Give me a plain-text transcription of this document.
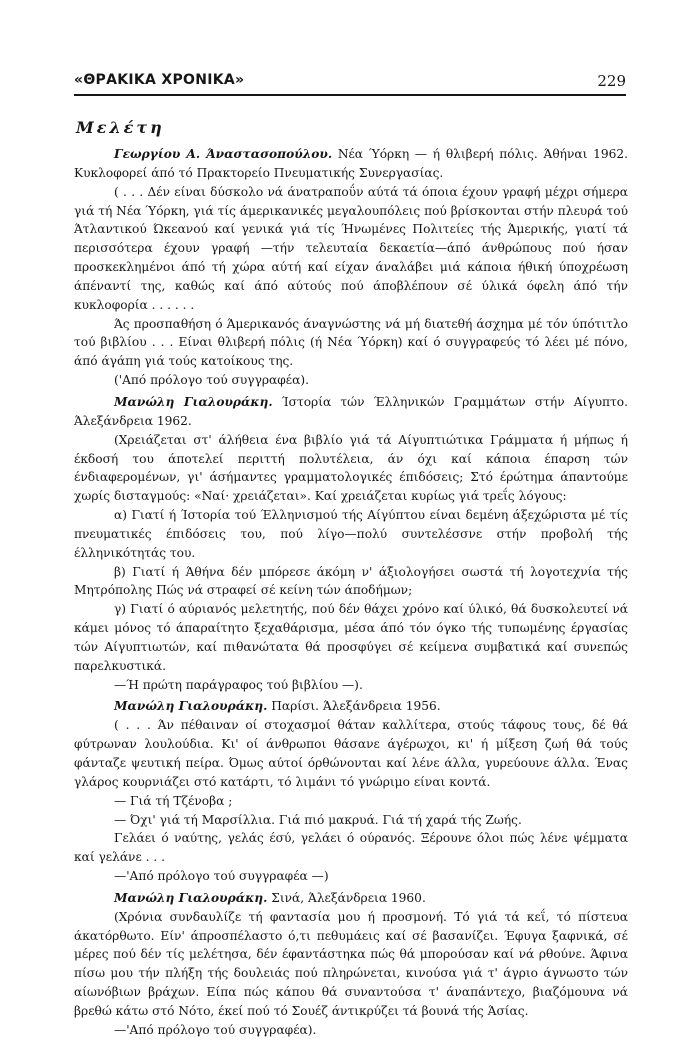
«ΘΡΑΚΙΚΑ ΧΡΟΝΙΚΑ»	229
Μελέτη

Γεωργίου Α. Άναστασοπούλου. Νέα Ύόρκη — ή θλιβερή πόλις. Άθήναι 1962. Κυκλοφορεί άπό τό Πρακτορείο Πνευματικής Συνεργασίας.

( . . . Δέν είναι δύσκολο νά άνατραποΰν αύτά τά όποια έχουν γραφή μέχρι σήμερα γιά τή Νέα Ύόρκη, γιά τίς άμερικανικές μεγαλουπόλεις πού βρίσκονται στήν πλευρά τού Άτλαντικού Ώκεανού καί γενικά γιά τίς Ήνωμένες Πολιτείες τής Άμερικής, γιατί τά περισσότερα έχουν γραφή —τήν τελευταία δεκαετία—άπό άνθρώπους πού ήσαν προσκεκλημένοι άπό τή χώρα αύτή καί είχαν άναλάβει μιά κάποια ήθική ύποχρέωση άπέναντί της, καθώς καί άπό αύτούς πού άποβλέπουν σέ ύλικά όφελη άπό τήν κυκλοφορία . . . . . .

Άς προσπαθήση ό Άμερικανός άναγνώστης νά μή διατεθή άσχημα μέ τόν ύπότιτλο τού βιβλίου . . . Είναι θλιβερή πόλις (ή Νέα Ύόρκη) καί ό συγγραφεύς τό λέει μέ πόνο, άπό άγάπη γιά τούς κατοίκους της.

('Από πρόλογο τού συγγραφέα).

Μανώλη Γιαλουράκη. Ίστορία τών Έλληνικών Γραμμάτων στήν Αίγυπτο. Άλεξάνδρεια 1962.

(Χρειάζεται στ' άλήθεια ένα βιβλίο γιά τά Αίγυπτιώτικα Γράμματα ή μήπως ή έκδοσή του άποτελεί περιττή πολυτέλεια, άν όχι καί κάποια έπαρση τών ένδιαφερομένων, γι' άσήμαντες γραμματολογικές έπιδόσεις; Στό έρώτημα άπαντούμε χωρίς δισταγμούς: «Ναί· χρειάζεται». Καί χρειάζεται κυρίως γιά τρεΐς λόγους:

α) Γιατί ή Ίστορία τού Έλληνισμού τής Αίγύπτου είναι δεμένη άξεχώριστα μέ τίς πνευματικές έπιδόσεις του, πού λίγο—πολύ συντελέσσνε στήν προβολή τής έλληνικότητάς του.

β) Γιατί ή Άθήνα δέν μπόρεσε άκόμη ν' άξιολογήσει σωστά τή λογοτεχνία τής Μητρόπολης Πώς νά στραφεί σέ κείνη τών άποδήμων;

γ) Γιατί ό αύριανός μελετητής, πού δέν θάχει χρόνο καί ύλικό, θά δυσκολευτεί νά κάμει μόνος τό άπαραίτητο ξεχαθάρισμα, μέσα άπό τόν όγκο τής τυπωμένης έργασίας τών Αίγυπτιωτών, καί πιθανώτατα θά προσφύγει σέ κείμενα συμβατικά καί συνεπώς παρελκυστικά.

—Ή πρώτη παράγραφος τού βιβλίου —).

Μανώλη Γιαλουράκη. Παρίσι. Άλεξάνδρεια 1956.

( . . . Άν πέθαιναν οί στοχασμοί θάταν καλλίτερα, στούς τάφους τους, δέ θά φύτρωναν λουλούδια. Κι' οί άνθρωποι θάσανε άγέρωχοι, κι' ή μίξεση ζωή θά τούς φάνταζε ψευτική πείρα. Όμως αύτοί όρθώνονται καί λένε άλλα, γυρεύουνε άλλα. Ένας γλάρος κουρνιάζει στό κατάρτι, τό λιμάνι τό γνώριμο είναι κοντά.

— Γιά τή Τζένοβα ;

— Όχι' γιά τή Μαρσίλλια. Γιά πιό μακρυά. Γιά τή χαρά τής Ζωής.

Γελάει ό ναύτης, γελάς έσύ, γελάει ό ούρανός. Ξέρουνε όλοι πώς λένε ψέμματα καί γελάνε . . .

—'Από πρόλογο τού συγγραφέα —)

Μανώλη Γιαλουράκη. Σινά, Άλεξάνδρεια 1960.

(Χρόνια συνδαυλίζε τή φαντασία μου ή προσμονή. Τό γιά τά κεΐ, τό πίστευα άκατόρθωτο. Είν' άπροσπέλαστο ό,τι πεθυμάεις καί σέ βασανίζει. Έφυγα ξαφνικά, σέ μέρες πού δέν τίς μελέτησα, δέν έφαντάστηκα πώς θά μπορούσαν καί νά ρθούνε. Άφινα πίσω μου τήν πλήξη τής δουλειάς πού πληρώνεται, κινούσα γιά τ' άγριο άγνωστο τών αίωνόβιων βράχων. Είπα πώς κάπου θά συναντούσα τ' άναπάντεχο, βιαζόμουνα νά βρεθώ κάτω στό Νότο, έκεί πού τό Σουέζ άντικρύζει τά βουνά τής Άσίας.

—'Από πρόλογο τού συγγραφέα).
